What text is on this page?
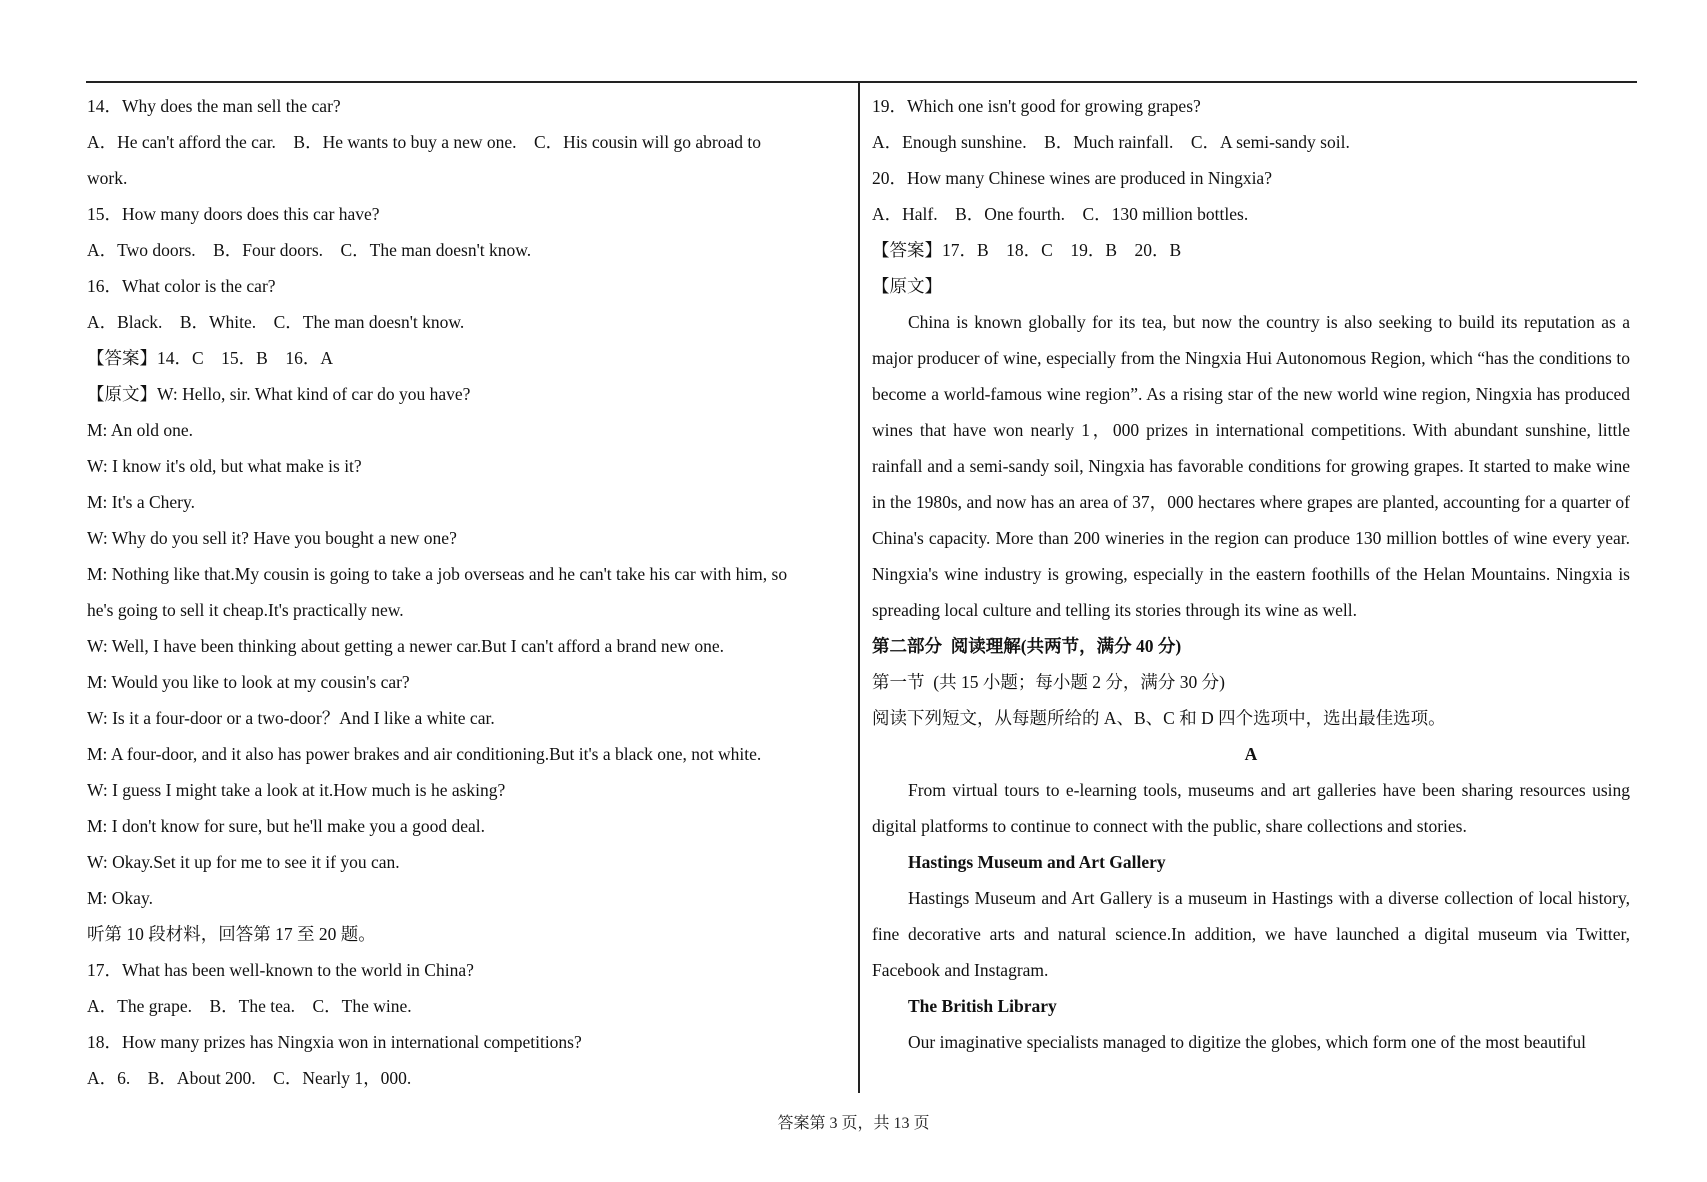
14．Why does the man sell the car?

A．He can't afford the car.    B．He wants to buy a new one.    C．His cousin will go abroad to

work.

15．How many doors does this car have?

A．Two doors.    B．Four doors.    C．The man doesn't know.

16．What color is the car?

A．Black.    B．White.    C．The man doesn't know.

【答案】14．C    15．B    16．A

【原文】W: Hello, sir. What kind of car do you have?

M: An old one.

W: I know it's old, but what make is it?

M: It's a Chery.

W: Why do you sell it? Have you bought a new one?

M: Nothing like that.My cousin is going to take a job overseas and he can't take his car with him, so

he's going to sell it cheap.It's practically new.

W: Well, I have been thinking about getting a newer car.But I can't afford a brand new one.

M: Would you like to look at my cousin's car?

W: Is it a four-door or a two-door？And I like a white car.

M: A four-door, and it also has power brakes and air conditioning.But it's a black one, not white.

W: I guess I might take a look at it.How much is he asking?

M: I don't know for sure, but he'll make you a good deal.

W: Okay.Set it up for me to see it if you can.

M: Okay.

听第 10 段材料，回答第 17 至 20 题。

17．What has been well-known to the world in China?

A．The grape.    B．The tea.    C．The wine.

18．How many prizes has Ningxia won in international competitions?

A．6.    B．About 200.    C．Nearly 1，000.

19．Which one isn't good for growing grapes?

A．Enough sunshine.    B．Much rainfall.    C．A semi-sandy soil.

20．How many Chinese wines are produced in Ningxia?

A．Half.    B．One fourth.    C．130 million bottles.

【答案】17．B    18．C    19．B    20．B

【原文】

China is known globally for its tea, but now the country is also seeking to build its reputation as a major producer of wine, especially from the Ningxia Hui Autonomous Region, which “has the conditions to become a world-famous wine region”. As a rising star of the new world wine region, Ningxia has produced wines that have won nearly 1，000 prizes in international competitions. With abundant sunshine, little rainfall and a semi-sandy soil, Ningxia has favorable conditions for growing grapes. It started to make wine in the 1980s, and now has an area of 37，000 hectares where grapes are planted, accounting for a quarter of China's capacity. More than 200 wineries in the region can produce 130 million bottles of wine every year. Ningxia's wine industry is growing, especially in the eastern foothills of the Helan Mountains. Ningxia is spreading local culture and telling its stories through its wine as well.

第二部分  阅读理解(共两节，满分 40 分)

第一节  (共 15 小题；每小题 2 分，满分 30 分)

阅读下列短文，从每题所给的 A、B、C 和 D 四个选项中，选出最佳选项。

A

From virtual tours to e-learning tools, museums and art galleries have been sharing resources using digital platforms to continue to connect with the public, share collections and stories.

Hastings Museum and Art Gallery

Hastings Museum and Art Gallery is a museum in Hastings with a diverse collection of local history, fine decorative arts and natural science.In addition, we have launched a digital museum via Twitter, Facebook and Instagram.

The British Library

Our imaginative specialists managed to digitize the globes, which form one of the most beautiful

答案第 3 页，共 13 页
